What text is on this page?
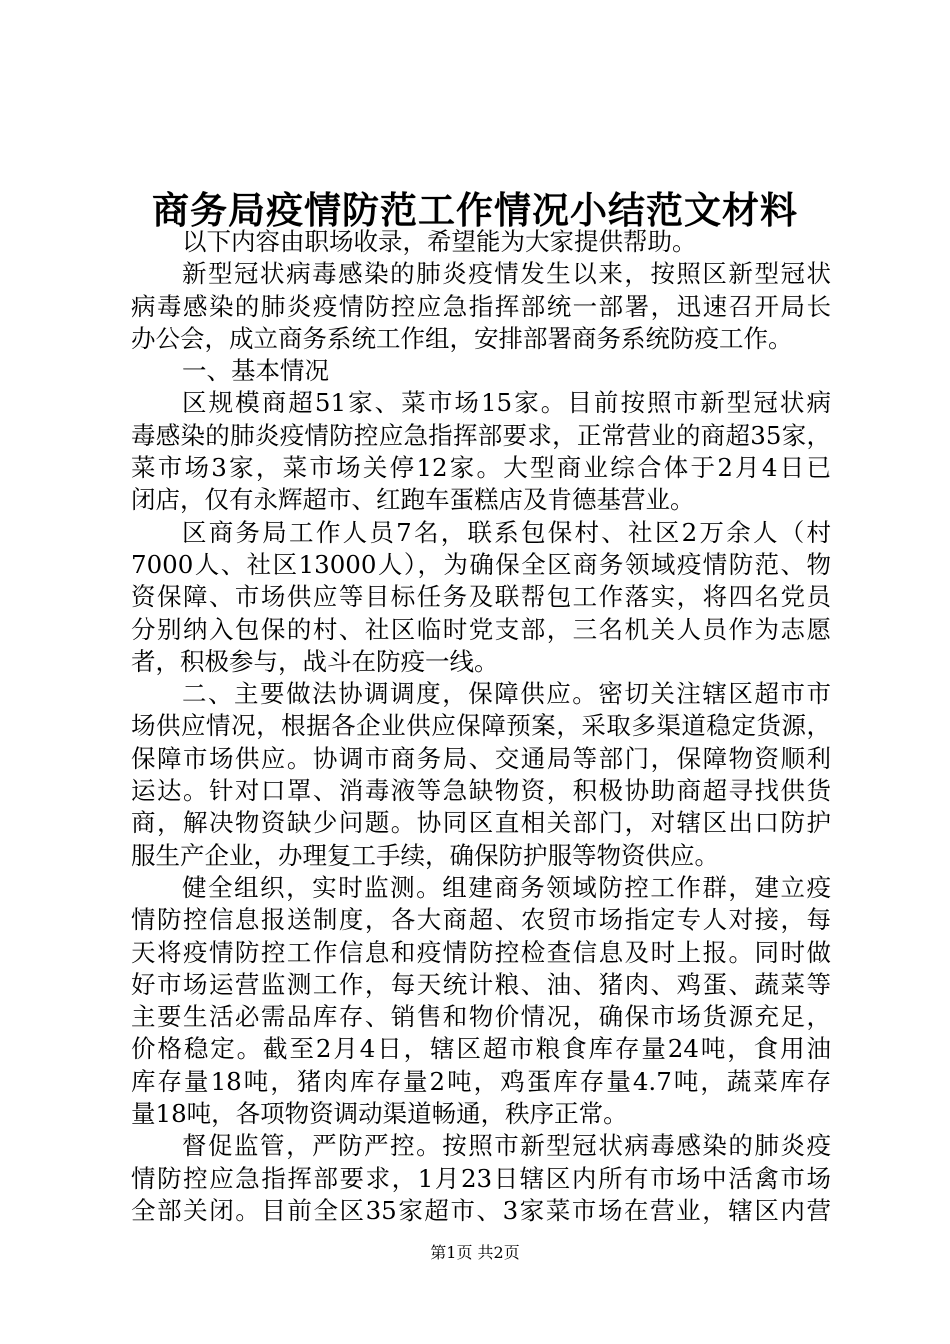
商务局疫情防范工作情况小结范文材料
以下内容由职场收录，希望能为大家提供帮助。
新型冠状病毒感染的肺炎疫情发生以来，按照区新型冠状
病毒感染的肺炎疫情防控应急指挥部统一部署，迅速召开局长
办公会，成立商务系统工作组，安排部署商务系统防疫工作。
一、基本情况
区规模商超51家、菜市场15家。目前按照市新型冠状病
毒感染的肺炎疫情防控应急指挥部要求，正常营业的商超35家，
菜市场3家，菜市场关停12家。大型商业综合体于2月4日已
闭店，仅有永辉超市、红跑车蛋糕店及肯德基营业。
区商务局工作人员7名，联系包保村、社区2万余人（村
7000人、社区13000人），为确保全区商务领域疫情防范、物
资保障、市场供应等目标任务及联帮包工作落实，将四名党员
分别纳入包保的村、社区临时党支部，三名机关人员作为志愿
者，积极参与，战斗在防疫一线。
二、主要做法协调调度，保障供应。密切关注辖区超市市
场供应情况，根据各企业供应保障预案，采取多渠道稳定货源，
保障市场供应。协调市商务局、交通局等部门，保障物资顺利
运达。针对口罩、消毒液等急缺物资，积极协助商超寻找供货
商，解决物资缺少问题。协同区直相关部门，对辖区出口防护
服生产企业，办理复工手续，确保防护服等物资供应。
健全组织，实时监测。组建商务领域防控工作群，建立疫
情防控信息报送制度，各大商超、农贸市场指定专人对接，每
天将疫情防控工作信息和疫情防控检查信息及时上报。同时做
好市场运营监测工作，每天统计粮、油、猪肉、鸡蛋、蔬菜等
主要生活必需品库存、销售和物价情况，确保市场货源充足，
价格稳定。截至2月4日，辖区超市粮食库存量24吨，食用油
库存量18吨，猪肉库存量2吨，鸡蛋库存量4.7吨，蔬菜库存
量18吨，各项物资调动渠道畅通，秩序正常。
督促监管，严防严控。按照市新型冠状病毒感染的肺炎疫
情防控应急指挥部要求，1月23日辖区内所有市场中活禽市场
全部关闭。目前全区35家超市、3家菜市场在营业，辖区内营
第1页 共2页
